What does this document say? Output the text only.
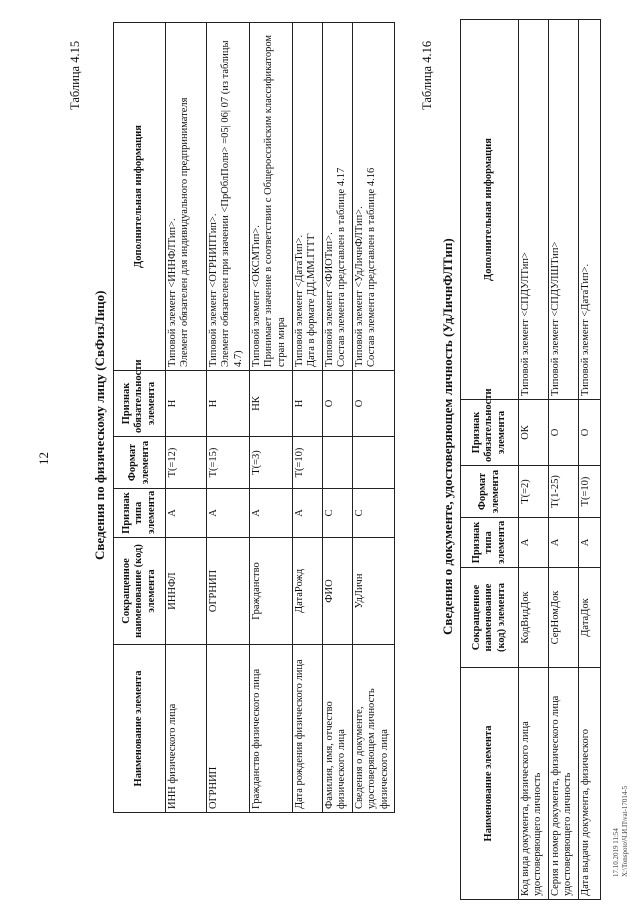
12
Таблица 4.15
Сведения по физическому лицу (СвФизЛицо)
Наименование элемента	Сокращенное наименование (код) элемента	Признак типа элемента	Формат элемента	Признак обязательности элемента	Дополнительная информация
ИНН физического лица	ИННФЛ	А	T(=12)	Н	Типовой элемент <ИННФЛТип>. Элемент обязателен для индивидуального предпринимателя

ОГРНИП	ОГРНИП	А	T(=15)	Н	Типовой элемент <ОГРНИПТип>. Элемент обязателен при значении <ПрОблПолн> =05| 06| 07 (из таблицы 4.7)

Гражданство физического лица	Гражданство	А	T(=3)	НК	Типовой элемент <ОКСМТип>. Принимает значение в соответствии с Общероссийским классификатором стран мира

Дата рождения физического лица	ДатаРожд	А	T(=10)	Н	Типовой элемент <ДатаТип>. Дата в формате ДД.ММ.ГГГГ

Фамилия, имя, отчество физического лица	ФИО	С		О	Типовой элемент <ФИОТип>. Состав элемента представлен в таблице 4.17

Сведения о документе, удостоверяющем личность физического лица	УдЛичн	С		О	Типовой элемент <УдЛичнФЛТип>. Состав элемента представлен в таблице 4.16
Таблица 4.16
Сведения о документе, удостоверяющем личность (УдЛичнФЛТип)
Наименование элемента	Сокращенное наименование (код) элемента	Признак типа элемента	Формат элемента	Признак обязательности элемента	Дополнительная информация
Код вида документа, физического лица удостоверяющего личность	КодВидДок	А	T(=2)	ОК	Типовой элемент <СПДУЛТип>

Серия и номер документа, физического лица удостоверяющего личность	СерНомДок	А	T(1-25)	О	Типовой элемент <СПДУЛШТип>

Дата выдачи документа, физического	ДатаДок	А	T(=10)	О	Типовой элемент <ДатаТип>.
17.10.2019 11:54 X:\Tonspoto\Ч.И.П\vat-17014-5
